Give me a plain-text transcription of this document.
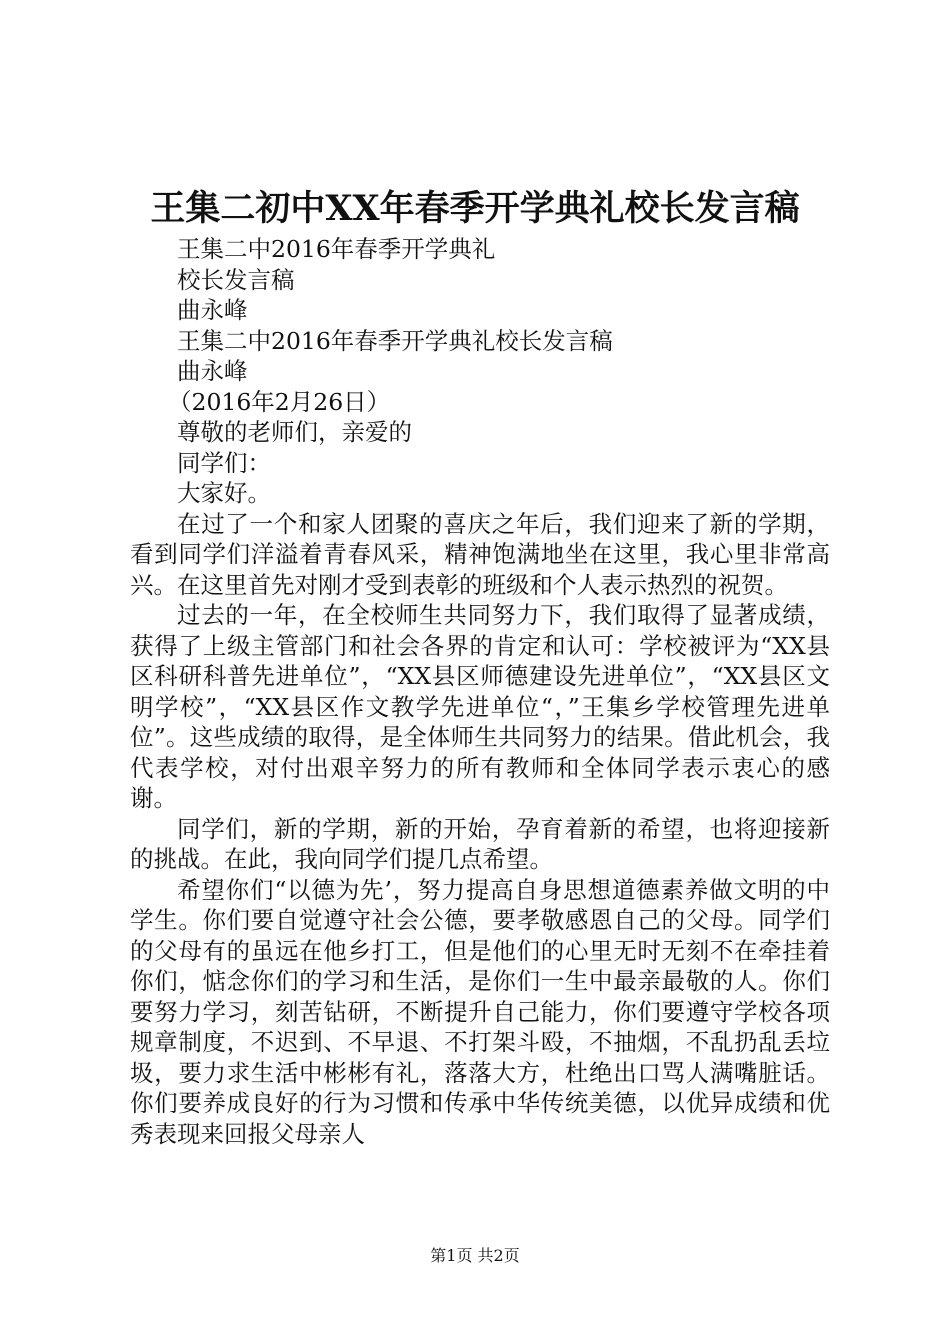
王集二初中XX年春季开学典礼校长发言稿
王集二中2016年春季开学典礼
校长发言稿
曲永峰
王集二中2016年春季开学典礼校长发言稿
曲永峰
（2016年2月26日）
尊敬的老师们，亲爱的
同学们：
大家好。
在过了一个和家人团聚的喜庆之年后，我们迎来了新的学期，看到同学们洋溢着青春风采，精神饱满地坐在这里，我心里非常高兴。在这里首先对刚才受到表彰的班级和个人表示热烈的祝贺。
过去的一年，在全校师生共同努力下，我们取得了显著成绩，获得了上级主管部门和社会各界的肯定和认可：学校被评为“XX县区科研科普先进单位”，“XX县区师德建设先进单位”，“XX县区文明学校”，“XX县区作文教学先进单位“，”王集乡学校管理先进单位”。这些成绩的取得，是全体师生共同努力的结果。借此机会，我代表学校，对付出艰辛努力的所有教师和全体同学表示衷心的感谢。
同学们，新的学期，新的开始，孕育着新的希望，也将迎接新的挑战。在此，我向同学们提几点希望。
希望你们“以德为先’，努力提高自身思想道德素养做文明的中学生。你们要自觉遵守社会公德，要孝敬感恩自己的父母。同学们的父母有的虽远在他乡打工，但是他们的心里无时无刻不在牵挂着你们，惦念你们的学习和生活，是你们一生中最亲最敬的人。你们要努力学习，刻苦钻研，不断提升自己能力，你们要遵守学校各项规章制度，不迟到、不早退、不打架斗殴，不抽烟，不乱扔乱丢垃圾，要力求生活中彬彬有礼，落落大方，杜绝出口骂人满嘴脏话。你们要养成良好的行为习惯和传承中华传统美德，以优异成绩和优秀表现来回报父母亲人
第1页 共2页
